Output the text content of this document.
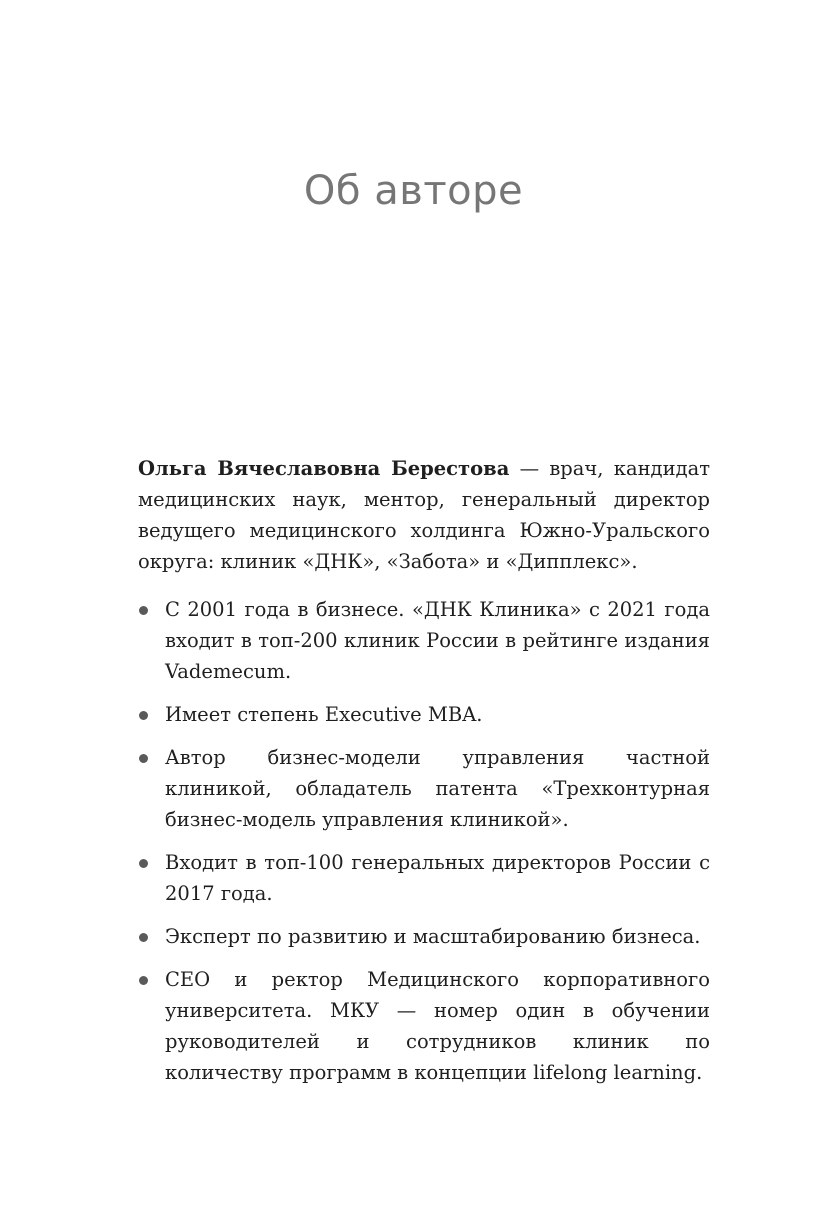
Об авторе

Ольга Вячеславовна Берестова — врач, кандидат медицинских наук, ментор, генеральный директор ведущего медицинского холдинга Южно-Уральского округа: клиник «ДНК», «Забота» и «Дипплекс».

С 2001 года в бизнесе. «ДНК Клиника» с 2021 года входит в топ-200 клиник России в рейтинге издания Vademecum.
Имеет степень Executive MBA.
Автор бизнес-модели управления частной клиникой, обладатель патента «Трехконтурная бизнес-модель управления клиникой».
Входит в топ-100 генеральных директоров России с 2017 года.
Эксперт по развитию и масштабированию бизнеса.
CEO и ректор Медицинского корпоративного университета. МКУ — номер один в обучении руководителей и сотрудников клиник по количеству программ в концепции lifelong learning.
